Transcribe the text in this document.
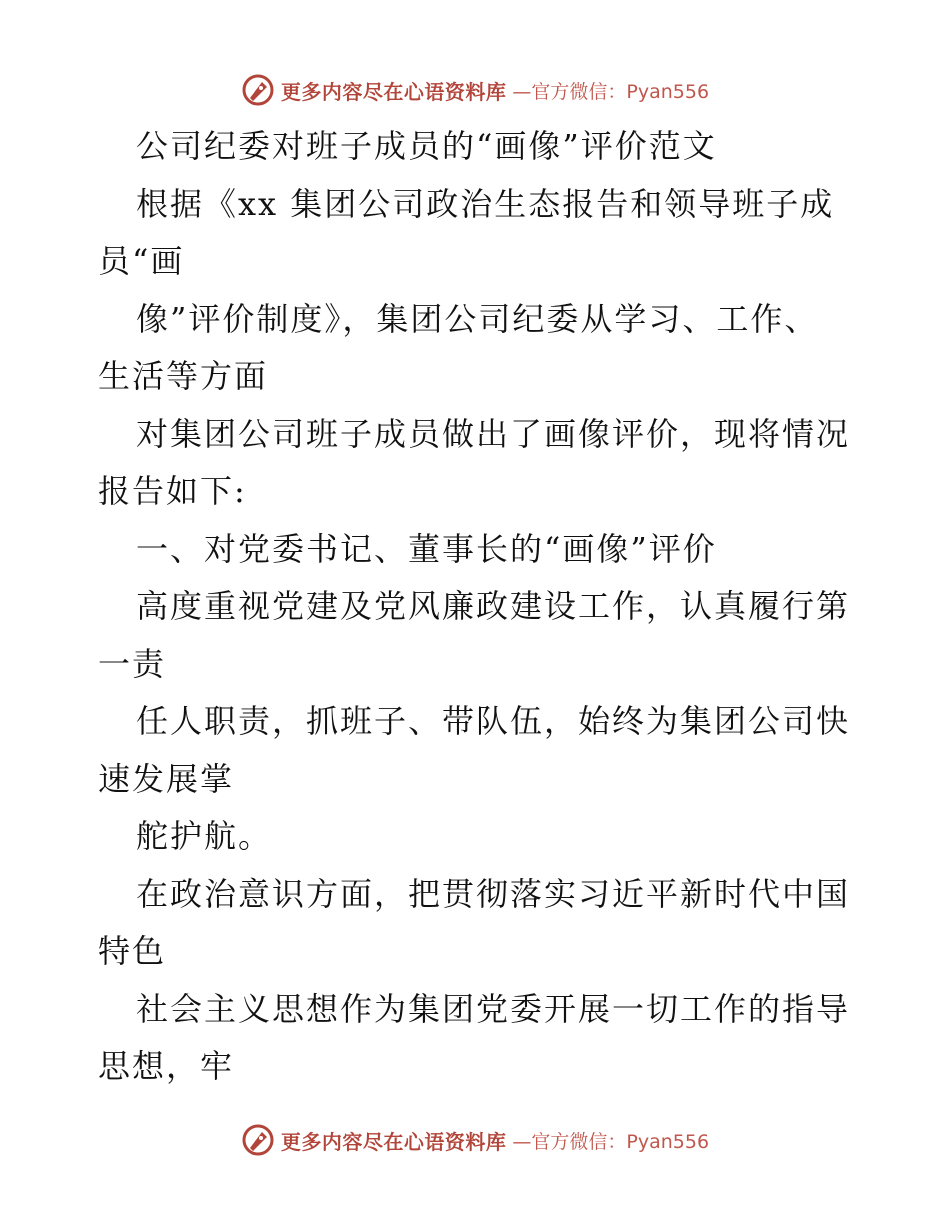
更多内容尽在心语资料库 —官方微信：Pyan556
公司纪委对班子成员的“画像”评价范文
根据《xx 集团公司政治生态报告和领导班子成
员“画
像”评价制度》，集团公司纪委从学习、工作、
生活等方面
对集团公司班子成员做出了画像评价，现将情况
报告如下:
一、对党委书记、董事长的“画像”评价
高度重视党建及党风廉政建设工作，认真履行第
一责
任人职责，抓班子、带队伍，始终为集团公司快
速发展掌
舵护航。
在政治意识方面，把贯彻落实习近平新时代中国
特色
社会主义思想作为集团党委开展一切工作的指导
思想，牢
更多内容尽在心语资料库 —官方微信：Pyan556
